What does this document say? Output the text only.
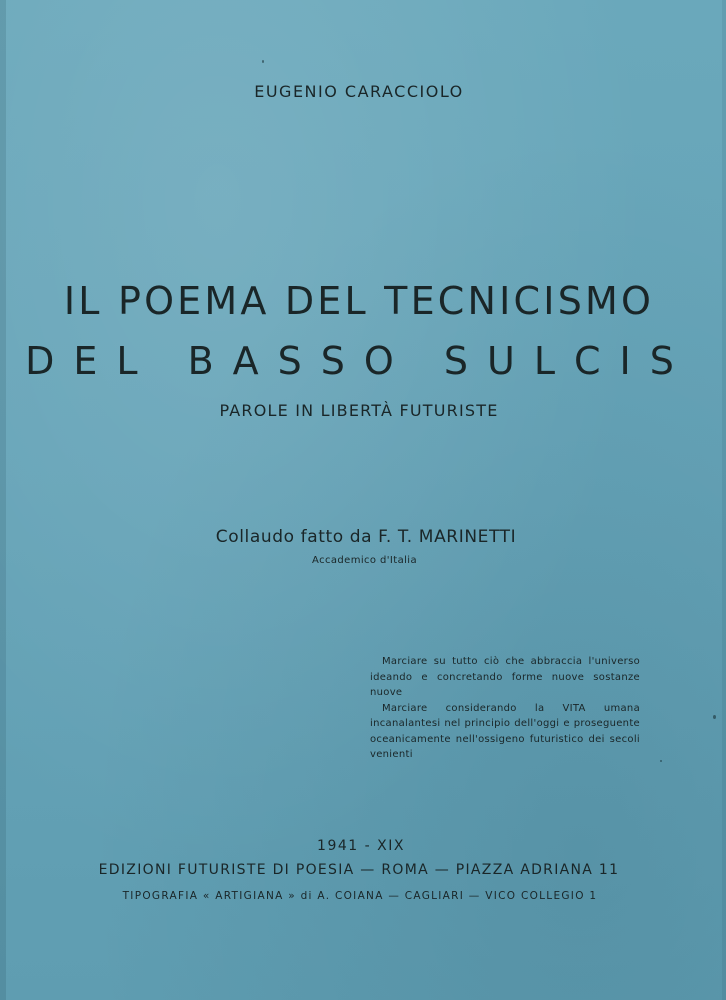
EUGENIO CARACCIOLO
IL POEMA DEL TECNICISMO
DEL BASSO SULCIS
PAROLE IN LIBERTÀ FUTURISTE
Collaudo fatto da F. T. MARINETTI
Accademico d'Italia

Marciare su tutto ciò che abbraccia l'universo ideando e concretando forme nuove sostanze nuove

Marciare considerando la VITA umana incanalantesi nel principio dell'oggi e proseguente oceanicamente nell'ossigeno futuristico dei secoli venienti

1941 - XIX
EDIZIONI FUTURISTE DI POESIA — ROMA — PIAZZA ADRIANA 11
TIPOGRAFIA « ARTIGIANA » di A. COIANA — CAGLIARI — VICO COLLEGIO 1
